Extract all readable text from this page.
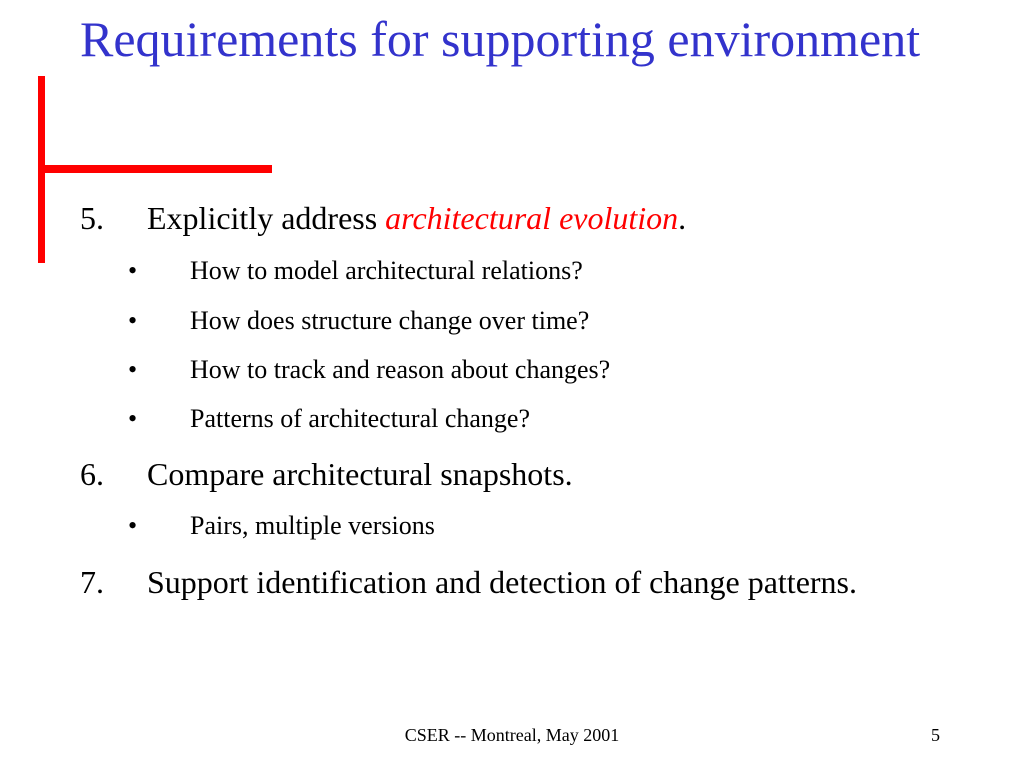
Requirements for supporting environment
5. Explicitly address architectural evolution.
• How to model architectural relations?
• How does structure change over time?
• How to track and reason about changes?
• Patterns of architectural change?
6. Compare architectural snapshots.
• Pairs, multiple versions
7. Support identification and detection of change patterns.
CSER -- Montreal, May 2001	5
